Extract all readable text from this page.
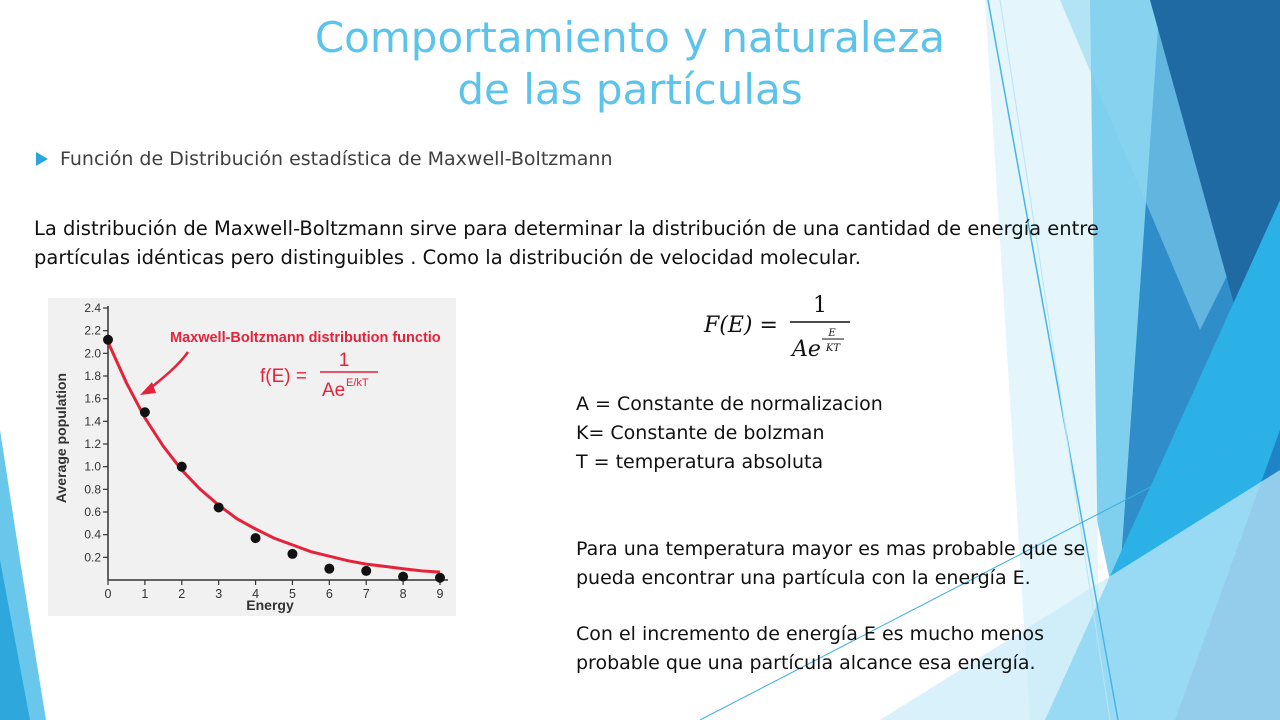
Comportamiento y naturaleza
de las partículas
Función de Distribución estadística de Maxwell-Boltzmann
La distribución de Maxwell-Boltzmann sirve para determinar la distribución de una cantidad de energía entre
partículas idénticas pero distinguibles . Como la distribución de velocidad molecular.
0.2
0.4
0.6
0.8
1.0
1.2
1.4
1.6
1.8
2.0
2.2
2.4
0 1 2 3 4 5 6 7 8 9
Energy
Average population
Maxwell-Boltzmann distribution functio
f(E) =
1
Ae E/kT
F(E) =
1
Ae
E
KT
A = Constante de normalizacion
K= Constante de bolzman
T = temperatura absoluta
Para una temperatura mayor es mas probable que se
pueda encontrar una partícula con la energía E.
Con el incremento de energía E es mucho menos
probable que una partícula alcance esa energía.
